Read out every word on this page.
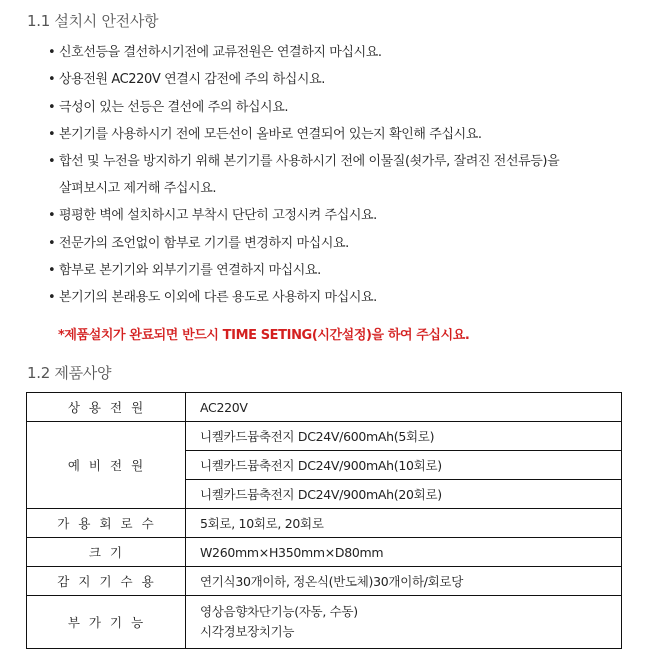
1.1 설치시 안전사항
• 신호선등을 결선하시기전에 교류전원은 연결하지 마십시요.
• 상용전원 AC220V 연결시 감전에 주의 하십시요.
• 극성이 있는 선등은 결선에 주의 하십시요.
• 본기기를 사용하시기 전에 모든선이 올바로 연결되어 있는지 확인해 주십시요.
• 합선 및 누전을 방지하기 위해 본기기를 사용하시기 전에 이물질(쇳가루, 잘려진 전선류등)을
살펴보시고 제거해 주십시요.
• 평평한 벽에 설치하시고 부착시 단단히 고정시켜 주십시요.
• 전문가의 조언없이 함부로 기기를 변경하지 마십시요.
• 함부로 본기기와 외부기기를 연결하지 마십시요.
• 본기기의 본래용도 이외에 다른 용도로 사용하지 마십시요.

*제품설치가 완료되면 반드시 TIME SETING(시간설정)을 하여 주십시요.

1.2 제품사양
상용전원	AC220V
예비전원	니켈카드뮴축전지 DC24V/600mAh(5회로)
	니켈카드뮴축전지 DC24V/900mAh(10회로)
	니켈카드뮴축전지 DC24V/900mAh(20회로)
가용회로수	5회로, 10회로, 20회로
크기	W260mm×H350mm×D80mm
감지기수용	연기식30개이하, 정온식(반도체)30개이하/회로당
부가기능	영상음향차단기능(자동, 수동)
시각경보장치기능
